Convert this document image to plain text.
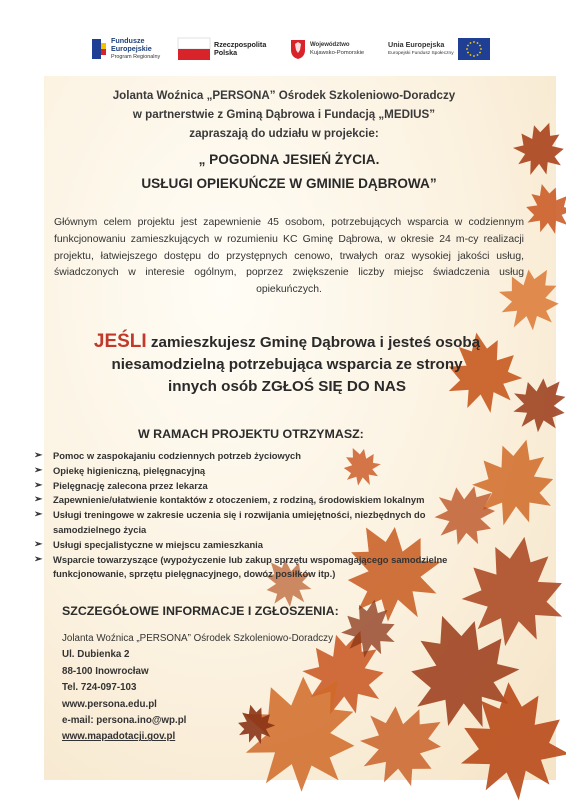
Fundusze
Europejskie
Program Regionalny
Rzeczpospolita
Polska
Województwo
Kujawsko-Pomorskie
Unia Europejska
Europejski Fundusz Społeczny
Jolanta Woźnica „PERSONA” Ośrodek Szkoleniowo-Doradczy
w partnerstwie z Gminą Dąbrowa i Fundacją „MEDIUS”
zapraszają do udziału w projekcie:
„ POGODNA JESIEŃ ŻYCIA.
USŁUGI OPIEKUŃCZE W GMINIE DĄBROWA”
Głównym celem projektu jest zapewnienie 45 osobom, potrzebujących wsparcia w codziennym funkcjonowaniu zamieszkujących w rozumieniu KC Gminę Dąbrowa, w okresie 24 m-cy realizacji projektu, łatwiejszego dostępu do przystępnych cenowo, trwałych oraz wysokiej jakości usług, świadczonych w interesie ogólnym, poprzez zwiększenie liczby miejsc świadczenia usług opiekuńczych.
JEŚLI zamieszkujesz Gminę Dąbrowa i jesteś osobą
niesamodzielną potrzebująca wsparcia ze strony
innych osób ZGŁOŚ SIĘ DO NAS
W RAMACH PROJEKTU OTRZYMASZ:
➢ Pomoc w zaspokajaniu codziennych potrzeb życiowych
➢ Opiekę higieniczną, pielęgnacyjną
➢ Pielęgnację zalecona przez lekarza
➢ Zapewnienie/ułatwienie kontaktów z otoczeniem, z rodziną, środowiskiem lokalnym
➢ Usługi treningowe w zakresie uczenia się i rozwijania umiejętności, niezbędnych do samodzielnego życia
➢ Usługi specjalistyczne w miejscu zamieszkania
➢ Wsparcie towarzyszące (wypożyczenie lub zakup sprzętu wspomagającego samodzielne funkcjonowanie, sprzętu pielęgnacyjnego, dowóz posiłków itp.)
SZCZEGÓŁOWE INFORMACJE I ZGŁOSZENIA:
Jolanta Woźnica „PERSONA” Ośrodek Szkoleniowo-Doradczy
Ul. Dubienka 2
88-100 Inowrocław
Tel. 724-097-103
www.persona.edu.pl
e-mail: persona.ino@wp.pl
www.mapadotacji.gov.pl
